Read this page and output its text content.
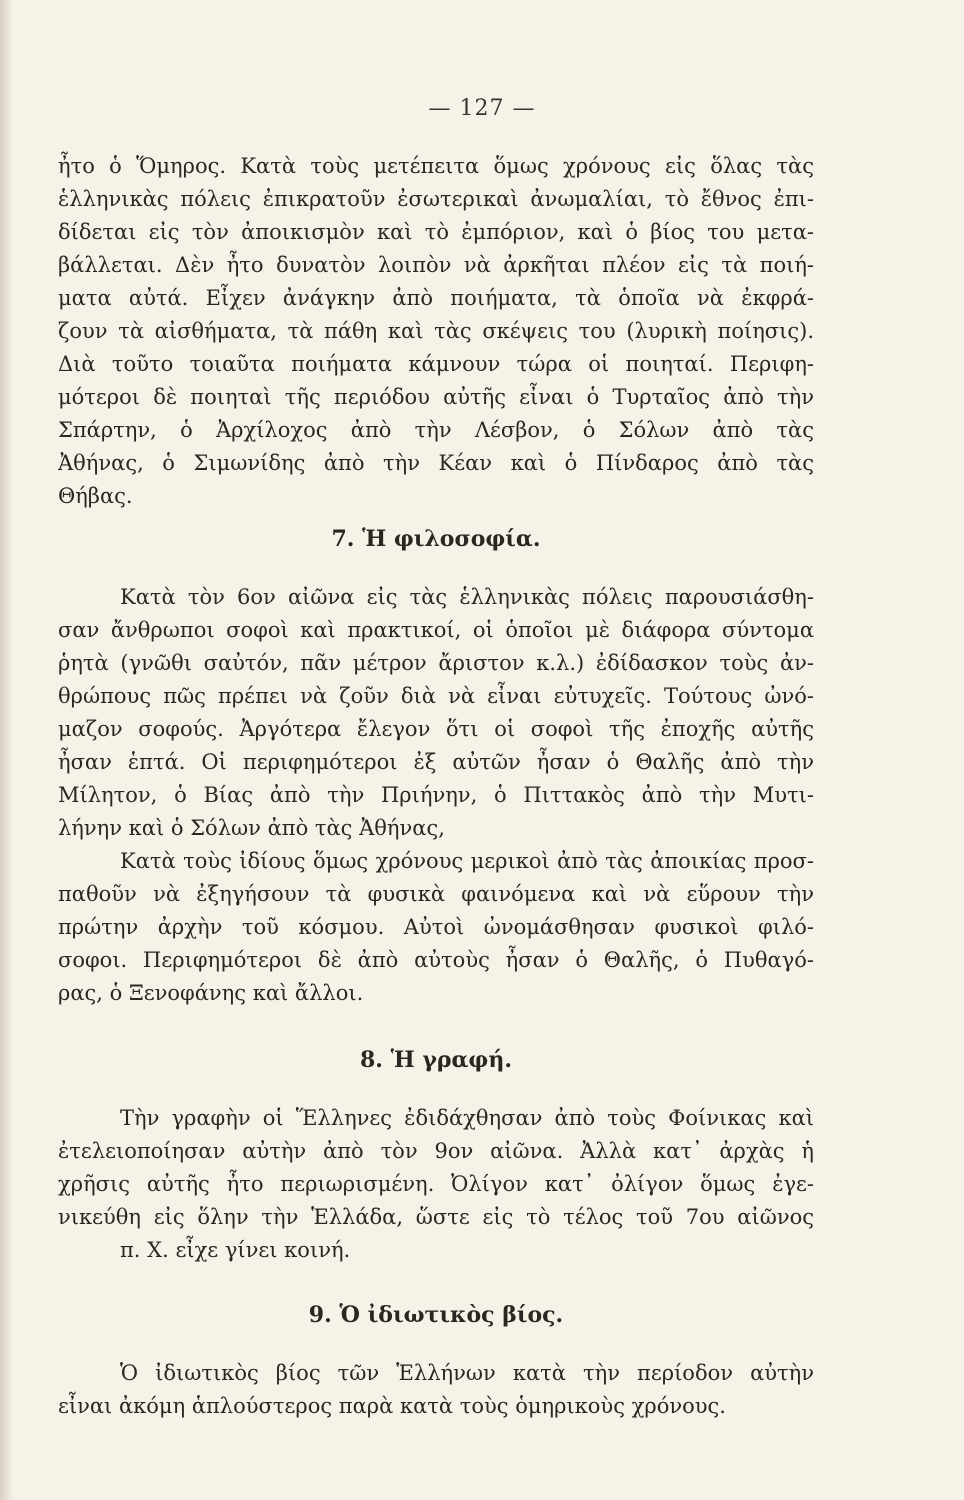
— 127 —
ἦτο ὁ Ὅμηρος. Κατὰ τοὺς μετέπειτα ὅμως χρόνους εἰς ὅλας τὰς
ἑλληνικὰς πόλεις ἐπικρατοῦν ἐσωτερικαὶ ἀνωμαλίαι, τὸ ἔθνος ἐπι-
δίδεται εἰς τὸν ἀποικισμὸν καὶ τὸ ἐμπόριον, καὶ ὁ βίος του μετα-
βάλλεται. Δὲν ἦτο δυνατὸν λοιπὸν νὰ ἀρκῆται πλέον εἰς τὰ ποιή-
ματα αὐτά. Εἶχεν ἀνάγκην ἀπὸ ποιήματα, τὰ ὁποῖα νὰ ἐκφρά-
ζουν τὰ αἰσθήματα, τὰ πάθη καὶ τὰς σκέψεις του (λυρικὴ ποίησις).
Διὰ τοῦτο τοιαῦτα ποιήματα κάμνουν τώρα οἱ ποιηταί. Περιφη-
μότεροι δὲ ποιηταὶ τῆς περιόδου αὐτῆς εἶναι ὁ Τυρταῖος ἀπὸ τὴν
Σπάρτην, ὁ Ἀρχίλοχος ἀπὸ τὴν Λέσβον, ὁ Σόλων ἀπὸ τὰς
Ἀθήνας, ὁ Σιμωνίδης ἀπὸ τὴν Κέαν καὶ ὁ Πίνδαρος ἀπὸ τὰς
Θήβας.
7. Ἡ φιλοσοφία.
Κατὰ τὸν 6ον αἰῶνα εἰς τὰς ἑλληνικὰς πόλεις παρουσιάσθη-
σαν ἄνθρωποι σοφοὶ καὶ πρακτικοί, οἱ ὁποῖοι μὲ διάφορα σύντομα
ῥητὰ (γνῶθι σαὐτόν, πᾶν μέτρον ἄριστον κ.λ.) ἐδίδασκον τοὺς ἀν-
θρώπους πῶς πρέπει νὰ ζοῦν διὰ νὰ εἶναι εὐτυχεῖς. Τούτους ὠνό-
μαζον σοφούς. Ἀργότερα ἔλεγον ὅτι οἱ σοφοὶ τῆς ἐποχῆς αὐτῆς
ἦσαν ἑπτά. Οἱ περιφημότεροι ἐξ αὐτῶν ἦσαν ὁ Θαλῆς ἀπὸ τὴν
Μίλητον, ὁ Βίας ἀπὸ τὴν Πριήνην, ὁ Πιττακὸς ἀπὸ τὴν Μυτι-
λήνην καὶ ὁ Σόλων ἀπὸ τὰς Ἀθήνας,
Κατὰ τοὺς ἰδίους ὅμως χρόνους μερικοὶ ἀπὸ τὰς ἀποικίας προσ-
παθοῦν νὰ ἐξηγήσουν τὰ φυσικὰ φαινόμενα καὶ νὰ εὕρουν τὴν
πρώτην ἀρχὴν τοῦ κόσμου. Αὐτοὶ ὠνομάσθησαν φυσικοὶ φιλό-
σοφοι. Περιφημότεροι δὲ ἀπὸ αὐτοὺς ἦσαν ὁ Θαλῆς, ὁ Πυθαγό-
ρας, ὁ Ξενοφάνης καὶ ἄλλοι.
8. Ἡ γραφή.
Τὴν γραφὴν οἱ Ἕλληνες ἐδιδάχθησαν ἀπὸ τοὺς Φοίνικας καὶ
ἐτελειοποίησαν αὐτὴν ἀπὸ τὸν 9ον αἰῶνα. Ἀλλὰ κατ᾿ ἀρχὰς ἡ
χρῆσις αὐτῆς ἦτο περιωρισμένη. Ὀλίγον κατ᾿ ὀλίγον ὅμως ἐγε-
νικεύθη εἰς ὅλην τὴν Ἑλλάδα, ὥστε εἰς τὸ τέλος τοῦ 7ου αἰῶνος
π. Χ. εἶχε γίνει κοινή.
9. Ὁ ἰδιωτικὸς βίος.
Ὁ ἰδιωτικὸς βίος τῶν Ἑλλήνων κατὰ τὴν περίοδον αὐτὴν
εἶναι ἀκόμη ἁπλούστερος παρὰ κατὰ τοὺς ὁμηρικοὺς χρόνους.
